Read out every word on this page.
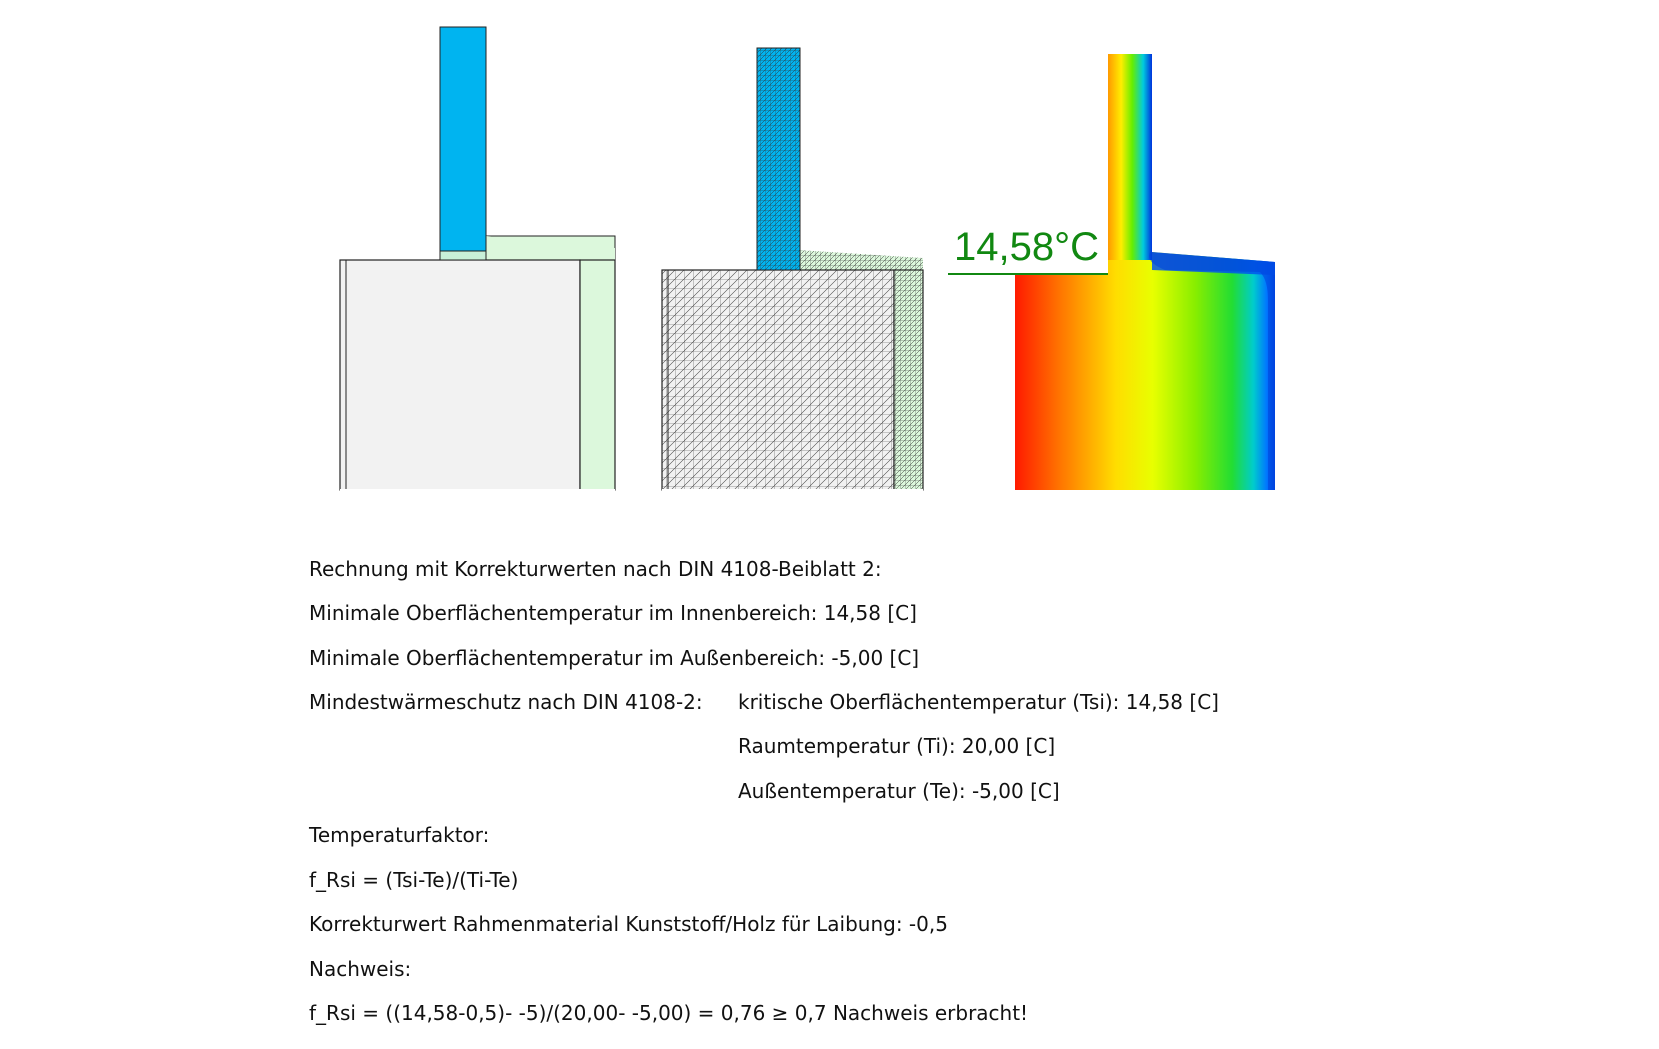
14,58°C
Rechnung mit Korrekturwerten nach DIN 4108-Beiblatt 2:
Minimale Oberflächentemperatur im Innenbereich: 14,58 [C]
Minimale Oberflächentemperatur im Außenbereich: -5,00 [C]
Mindestwärmeschutz nach DIN 4108-2: kritische Oberflächentemperatur (Tsi): 14,58 [C]
Raumtemperatur (Ti): 20,00 [C]
Außentemperatur (Te): -5,00 [C]
Temperaturfaktor:
f_Rsi = (Tsi-Te)/(Ti-Te)
Korrekturwert Rahmenmaterial Kunststoff/Holz für Laibung: -0,5
Nachweis:
f_Rsi = ((14,58-0,5)- -5)/(20,00- -5,00) = 0,76 ≥ 0,7 Nachweis erbracht!
